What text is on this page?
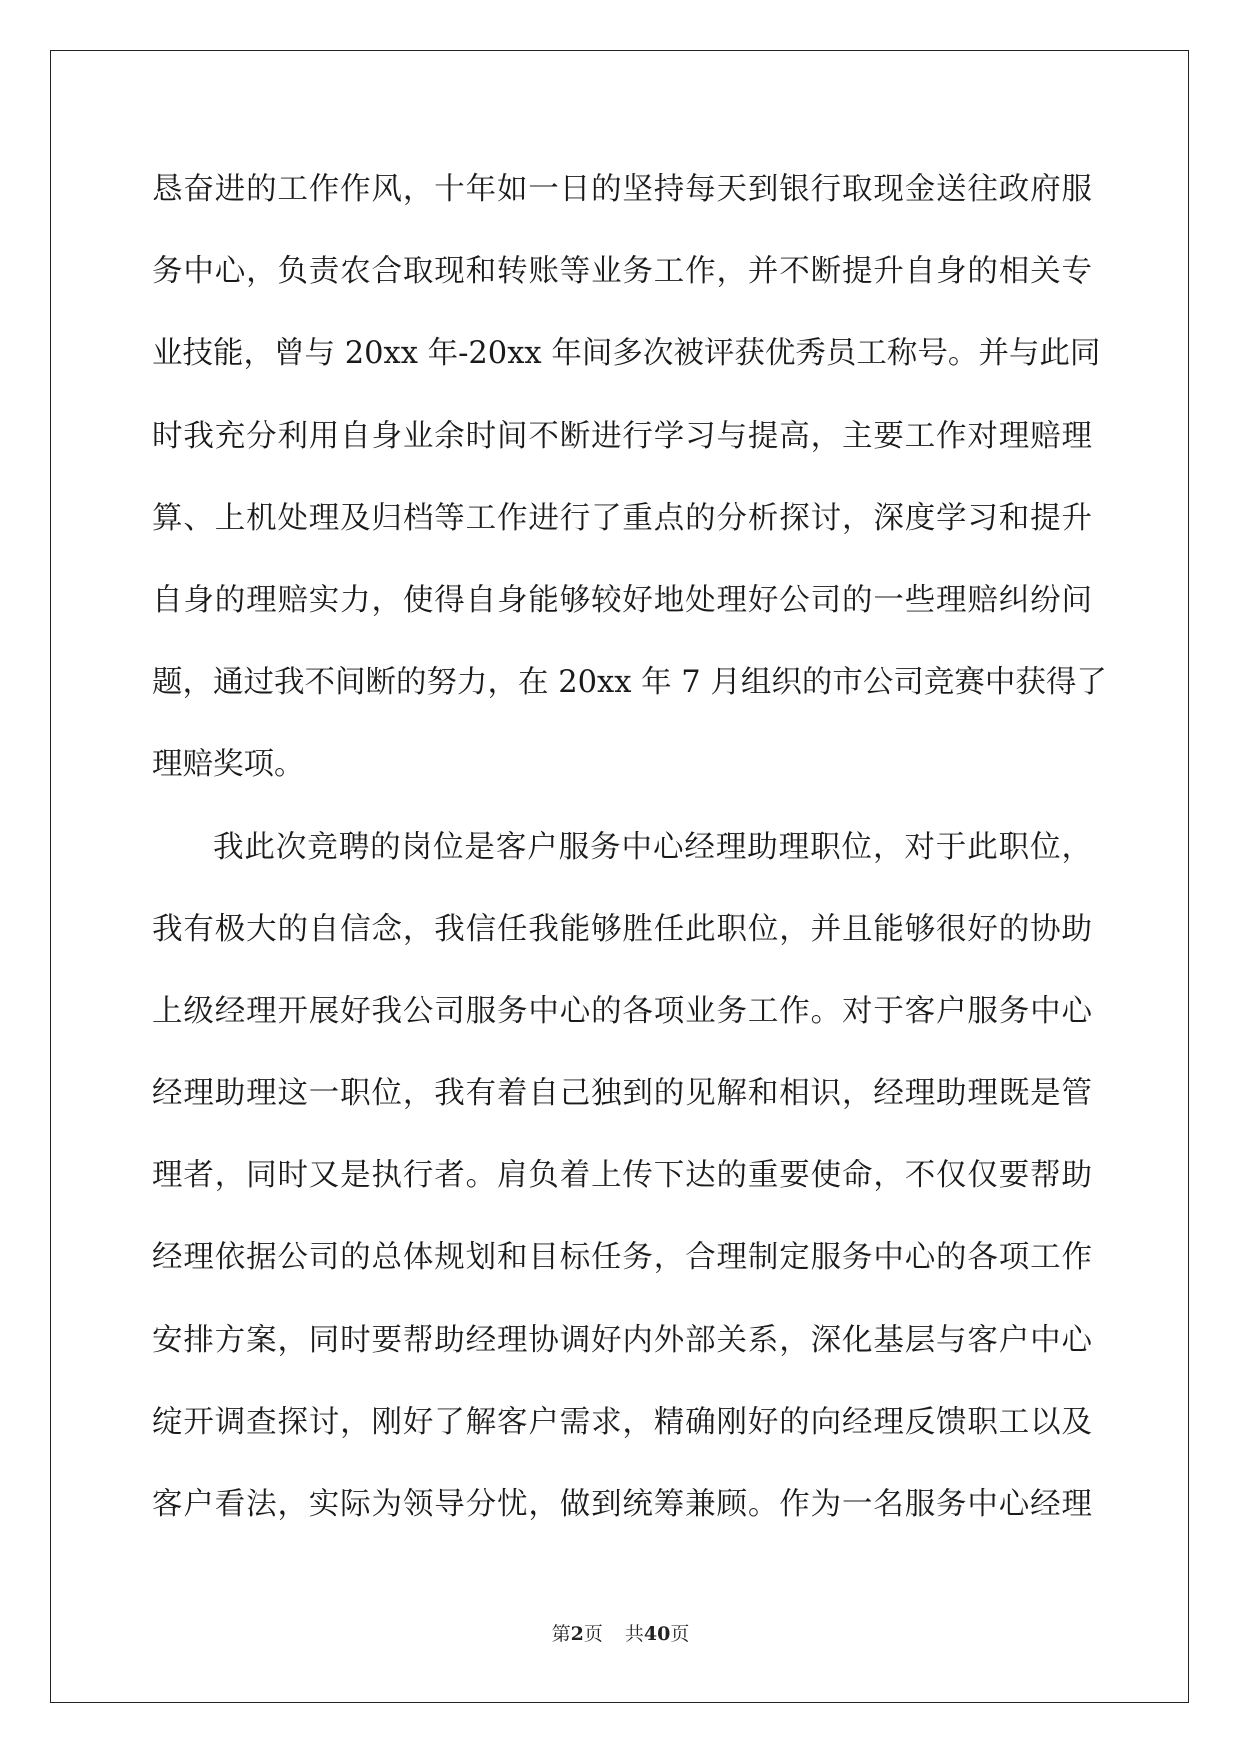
恳奋进的工作作风，十年如一日的坚持每天到银行取现金送往政府服
务中心，负责农合取现和转账等业务工作，并不断提升自身的相关专
业技能，曾与 20xx 年-20xx 年间多次被评获优秀员工称号。并与此同
时我充分利用自身业余时间不断进行学习与提高，主要工作对理赔理
算、上机处理及归档等工作进行了重点的分析探讨，深度学习和提升
自身的理赔实力，使得自身能够较好地处理好公司的一些理赔纠纷问
题，通过我不间断的努力，在 20xx 年 7 月组织的市公司竞赛中获得了
理赔奖项。
我此次竞聘的岗位是客户服务中心经理助理职位，对于此职位，
我有极大的自信念，我信任我能够胜任此职位，并且能够很好的协助
上级经理开展好我公司服务中心的各项业务工作。对于客户服务中心
经理助理这一职位，我有着自己独到的见解和相识，经理助理既是管
理者，同时又是执行者。肩负着上传下达的重要使命，不仅仅要帮助
经理依据公司的总体规划和目标任务，合理制定服务中心的各项工作
安排方案，同时要帮助经理协调好内外部关系，深化基层与客户中心
绽开调查探讨，刚好了解客户需求，精确刚好的向经理反馈职工以及
客户看法，实际为领导分忧，做到统筹兼顾。作为一名服务中心经理
第2页 共40页
